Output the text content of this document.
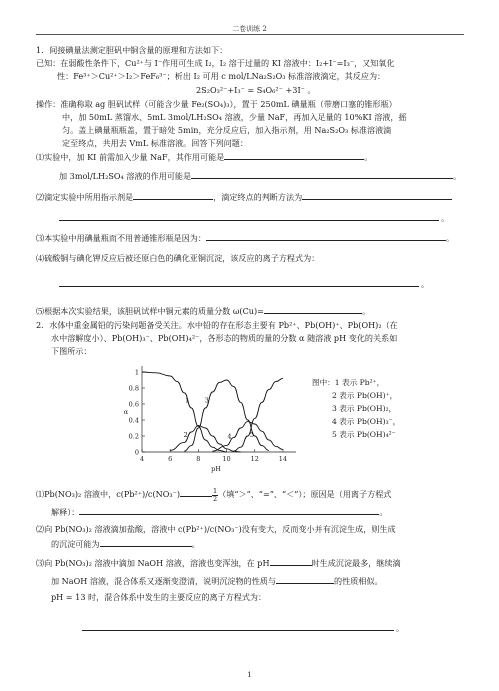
二卷训练 2
1．间接碘量法测定胆矾中铜含量的原理和方法如下：
已知：在弱酸性条件下，Cu²⁺与 I⁻作用可生成 I₂，I₂ 溶于过量的 KI 溶液中：I₂+I⁻=I₃⁻，又知氧化
性：Fe³⁺＞Cu²⁺＞I₂＞FeF₆³⁻；析出 I₂ 可用 c mol/LNa₂S₂O₃ 标准溶液滴定，其反应为：
2S₂O₃²⁻+I₃⁻ = S₄O₆²⁻ +3I⁻ 。
操作：准确称取 ag 胆矾试样（可能含少量 Fe₂(SO₄)₃），置于 250mL 碘量瓶（带磨口塞的锥形瓶）
中，加 50mL 蒸馏水、5mL 3mol/LH₂SO₄ 溶液，少量 NaF，再加入足量的 10%KI 溶液，摇
匀。盖上碘量瓶瓶盖，置于暗处 5min，充分反应后，加入指示剂，用 Na₂S₂O₃ 标准溶液滴
定至终点，共用去 VmL 标准溶液。回答下列问题：
⑴实验中，加 KI 前需加入少量 NaF，其作用可能是	。
加 3mol/LH₂SO₄ 溶液的作用可能是	。
⑵滴定实验中所用指示剂是	，滴定终点的判断方法为
。
⑶本实验中用碘量瓶而不用普通锥形瓶是因为：	。
⑷硫酸铜与碘化钾反应后被还原白色的碘化亚铜沉淀，该反应的离子方程式为：
。
⑸根据本次实验结果，该胆矾试样中铜元素的质量分数 ω(Cu)=	。
2．水体中重金属铅的污染问题备受关注。水中铅的存在形态主要有 Pb²⁺、Pb(OH)⁺、Pb(OH)₂（在
水中溶解度小）、Pb(OH)₃⁻、Pb(OH)₄²⁻，各形态的物质的量的分数 α 随溶液 pH 变化的关系如
下图所示：
0
0.2
0.4
0.6
0.8
1
4	6	8	10	12	14
pH
α
1
2
3
4	5
图中：1 表示 Pb²⁺，
2 表示 Pb(OH)⁺，
3 表示 Pb(OH)₂，
4 表示 Pb(OH)₃⁻，
5 表示 Pb(OH)₄²⁻
⑴Pb(NO₃)₂ 溶液中，c(Pb²⁺)/c(NO₃⁻)	$\frac{1}{2}$ （填“＞”、“=”、“＜”）；原因是（用离子方程式
解释）：	。
⑵向 Pb(NO₃)₂ 溶液滴加盐酸，溶液中 c(Pb²⁺)/c(NO₃⁻)没有变大，反而变小并有沉淀生成，则生成
的沉淀可能为	。
⑶向 Pb(NO₃)₂ 溶液中滴加 NaOH 溶液，溶液也变浑浊，在 pH	时生成沉淀最多，继续滴
加 NaOH 溶液，混合体系又逐渐变澄清，说明沉淀物的性质与	的性质相似。
pH = 13 时，混合体系中发生的主要反应的离子方程式为：
。
1
